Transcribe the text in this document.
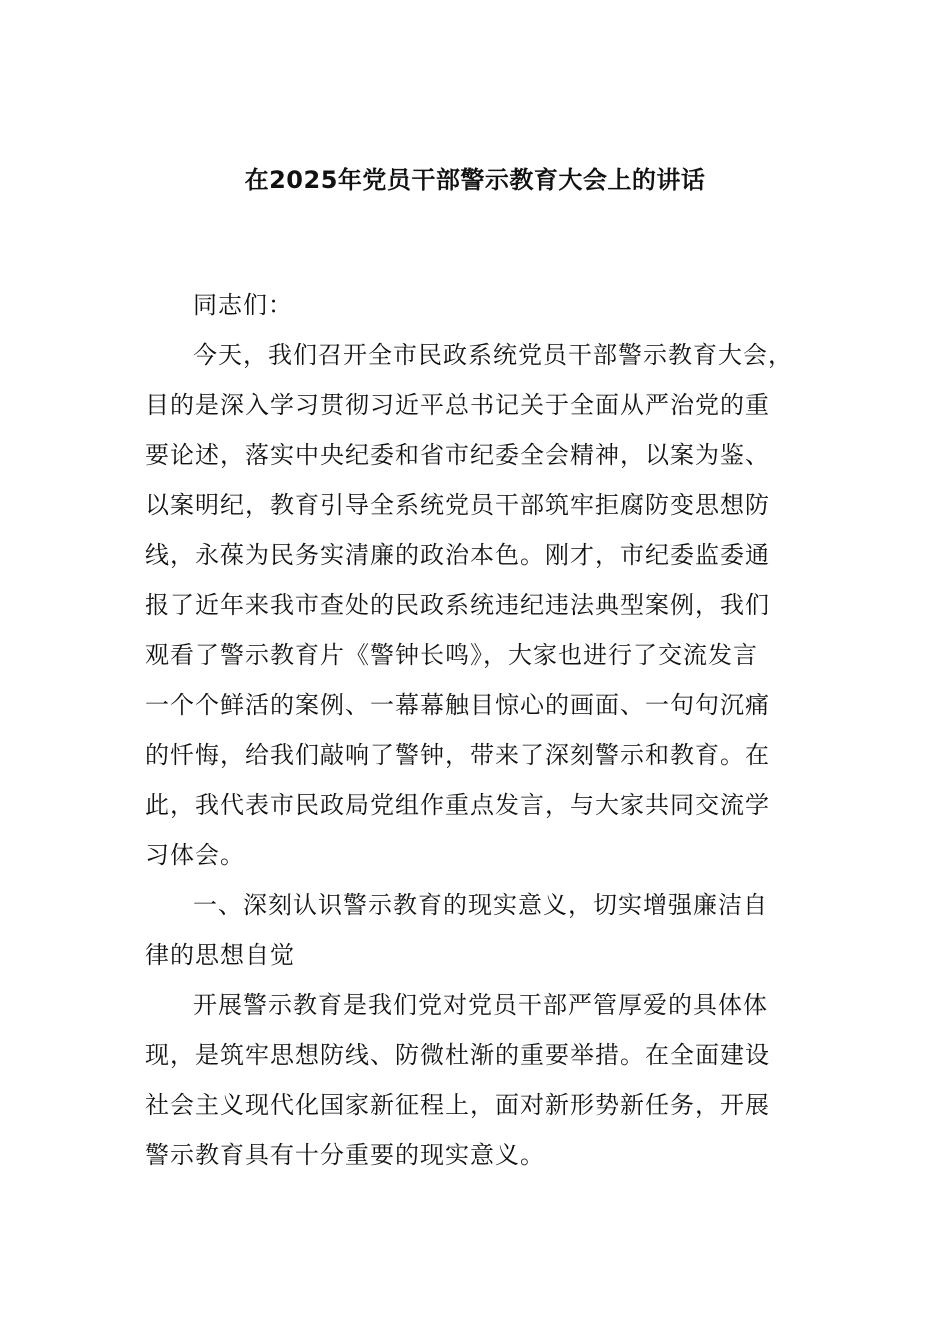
在2025年党员干部警示教育大会上的讲话
同志们：
今天，我们召开全市民政系统党员干部警示教育大会，
目的是深入学习贯彻习近平总书记关于全面从严治党的重
要论述，落实中央纪委和省市纪委全会精神，以案为鉴、
以案明纪，教育引导全系统党员干部筑牢拒腐防变思想防
线，永葆为民务实清廉的政治本色。刚才，市纪委监委通
报了近年来我市查处的民政系统违纪违法典型案例，我们
观看了警示教育片《警钟长鸣》，大家也进行了交流发言
一个个鲜活的案例、一幕幕触目惊心的画面、一句句沉痛
的忏悔，给我们敲响了警钟，带来了深刻警示和教育。在
此，我代表市民政局党组作重点发言，与大家共同交流学
习体会。
一、深刻认识警示教育的现实意义，切实增强廉洁自
律的思想自觉
开展警示教育是我们党对党员干部严管厚爱的具体体
现，是筑牢思想防线、防微杜渐的重要举措。在全面建设
社会主义现代化国家新征程上，面对新形势新任务，开展
警示教育具有十分重要的现实意义。
